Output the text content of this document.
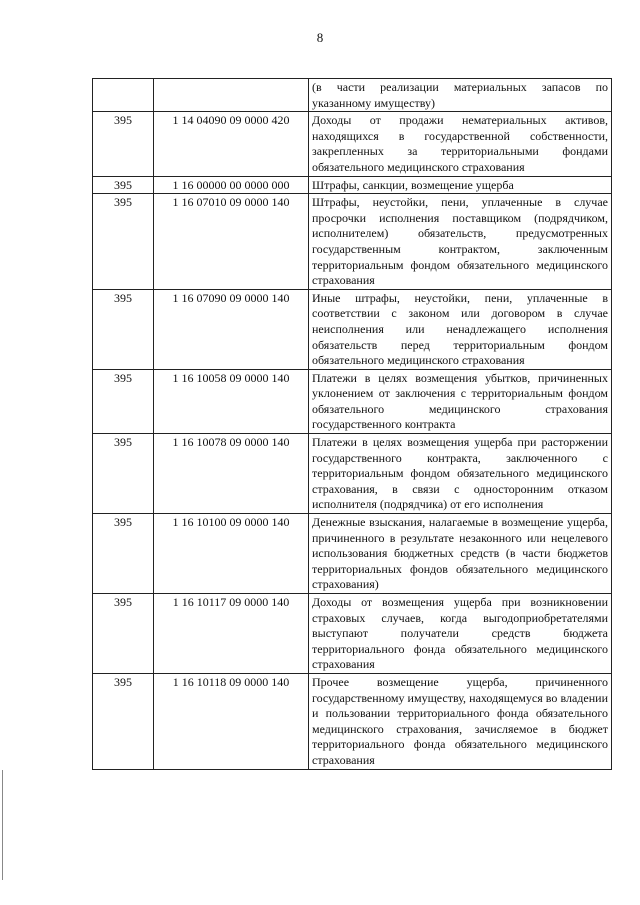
8
		(в части реализации материальных запасов по указанному имуществу)
395	1 14 04090 09 0000 420	Доходы от продажи нематериальных активов, находящихся в государственной собственности, закрепленных за территориальными фондами обязательного медицинского страхования
395	1 16 00000 00 0000 000	Штрафы, санкции, возмещение ущерба
395	1 16 07010 09 0000 140	Штрафы, неустойки, пени, уплаченные в случае просрочки исполнения поставщиком (подрядчиком, исполнителем) обязательств, предусмотренных государственным контрактом, заключенным территориальным фондом обязательного медицинского страхования
395	1 16 07090 09 0000 140	Иные штрафы, неустойки, пени, уплаченные в соответствии с законом или договором в случае неисполнения или ненадлежащего исполнения обязательств перед территориальным фондом обязательного медицинского страхования
395	1 16 10058 09 0000 140	Платежи в целях возмещения убытков, причиненных уклонением от заключения с территориальным фондом обязательного медицинского страхования государственного контракта
395	1 16 10078 09 0000 140	Платежи в целях возмещения ущерба при расторжении государственного контракта, заключенного с территориальным фондом обязательного медицинского страхования, в связи с односторонним отказом исполнителя (подрядчика) от его исполнения
395	1 16 10100 09 0000 140	Денежные взыскания, налагаемые в возмещение ущерба, причиненного в результате незаконного или нецелевого использования бюджетных средств (в части бюджетов территориальных фондов обязательного медицинского страхования)
395	1 16 10117 09 0000 140	Доходы от возмещения ущерба при возникновении страховых случаев, когда выгодоприобретателями выступают получатели средств бюджета территориального фонда обязательного медицинского страхования
395	1 16 10118 09 0000 140	Прочее возмещение ущерба, причиненного государственному имуществу, находящемуся во владении и пользовании территориального фонда обязательного медицинского страхования, зачисляемое в бюджет территориального фонда обязательного медицинского страхования
